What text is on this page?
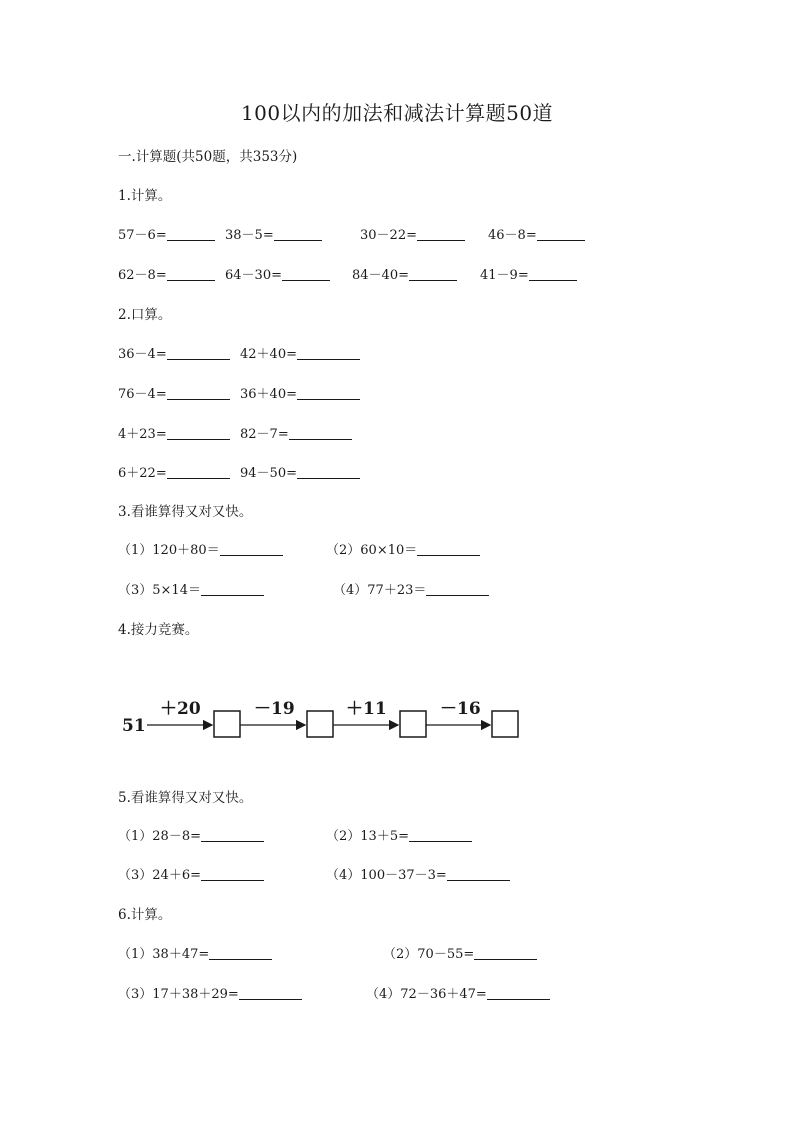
100以内的加法和减法计算题50道
一.计算题(共50题，共353分)
1.计算。
57－6=	38－5=	30－22=	46－8=
62－8=	64－30=	84－40=	41－9=
2.口算。
36－4=	42＋40=
76－4=	36＋40=
4＋23=	82－7=
6＋22=	94－50=
3.看谁算得又对又快。
（1）120＋80＝	（2）60×10＝
（3）5×14＝	（4）77＋23＝
4.接力竞赛。
51
＋20	－19	＋11	－16
5.看谁算得又对又快。
（1）28－8=	（2）13＋5=
（3）24＋6=	（4）100－37－3=
6.计算。
（1）38＋47=	（2）70－55=
（3）17＋38＋29=	（4）72－36＋47=
